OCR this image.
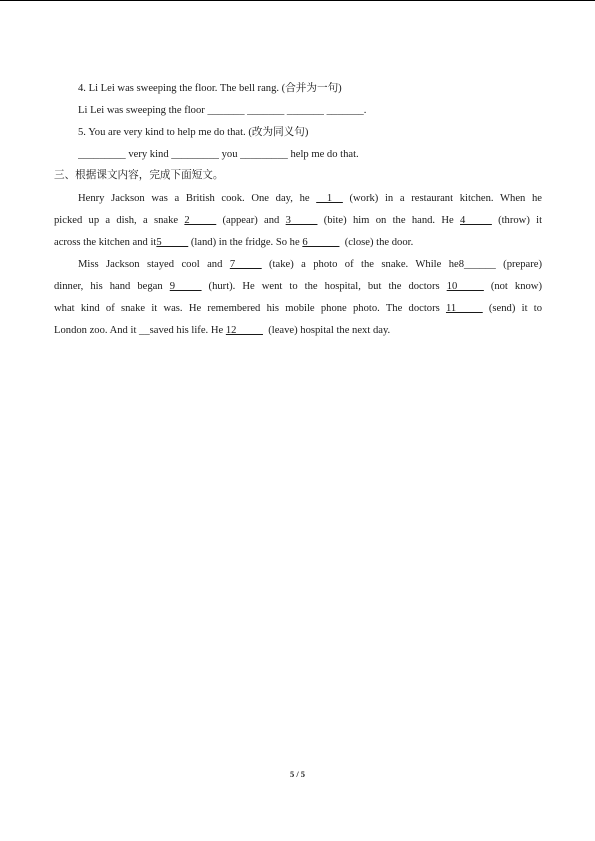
4. Li Lei was sweeping the floor. The bell rang. (合并为一句)
Li Lei was sweeping the floor _______ _______ _______ _______.
5. You are very kind to help me do that. (改为同义句)
_________ very kind _________ you _________ help me do that.
三、根据课文内容，完成下面短文。
Henry Jackson was a British cook. One day, he __1__ (work) in a restaurant kitchen. When he
picked up a dish, a snake 2_____ (appear) and 3_____ (bite) him on the hand. He 4_____ (throw) it
across the kitchen and it5_____ (land) in the fridge. So he 6______ (close) the door.
Miss Jackson stayed cool and 7_____ (take) a photo of the snake. While he8______ (prepare)
dinner, his hand began 9_____ (hurt). He went to the hospital, but the doctors 10_____ (not know)
what kind of snake it was. He remembered his mobile phone photo. The doctors 11_____ (send) it to
London zoo. And it __saved his life. He 12_____ (leave) hospital the next day.
5 / 5
